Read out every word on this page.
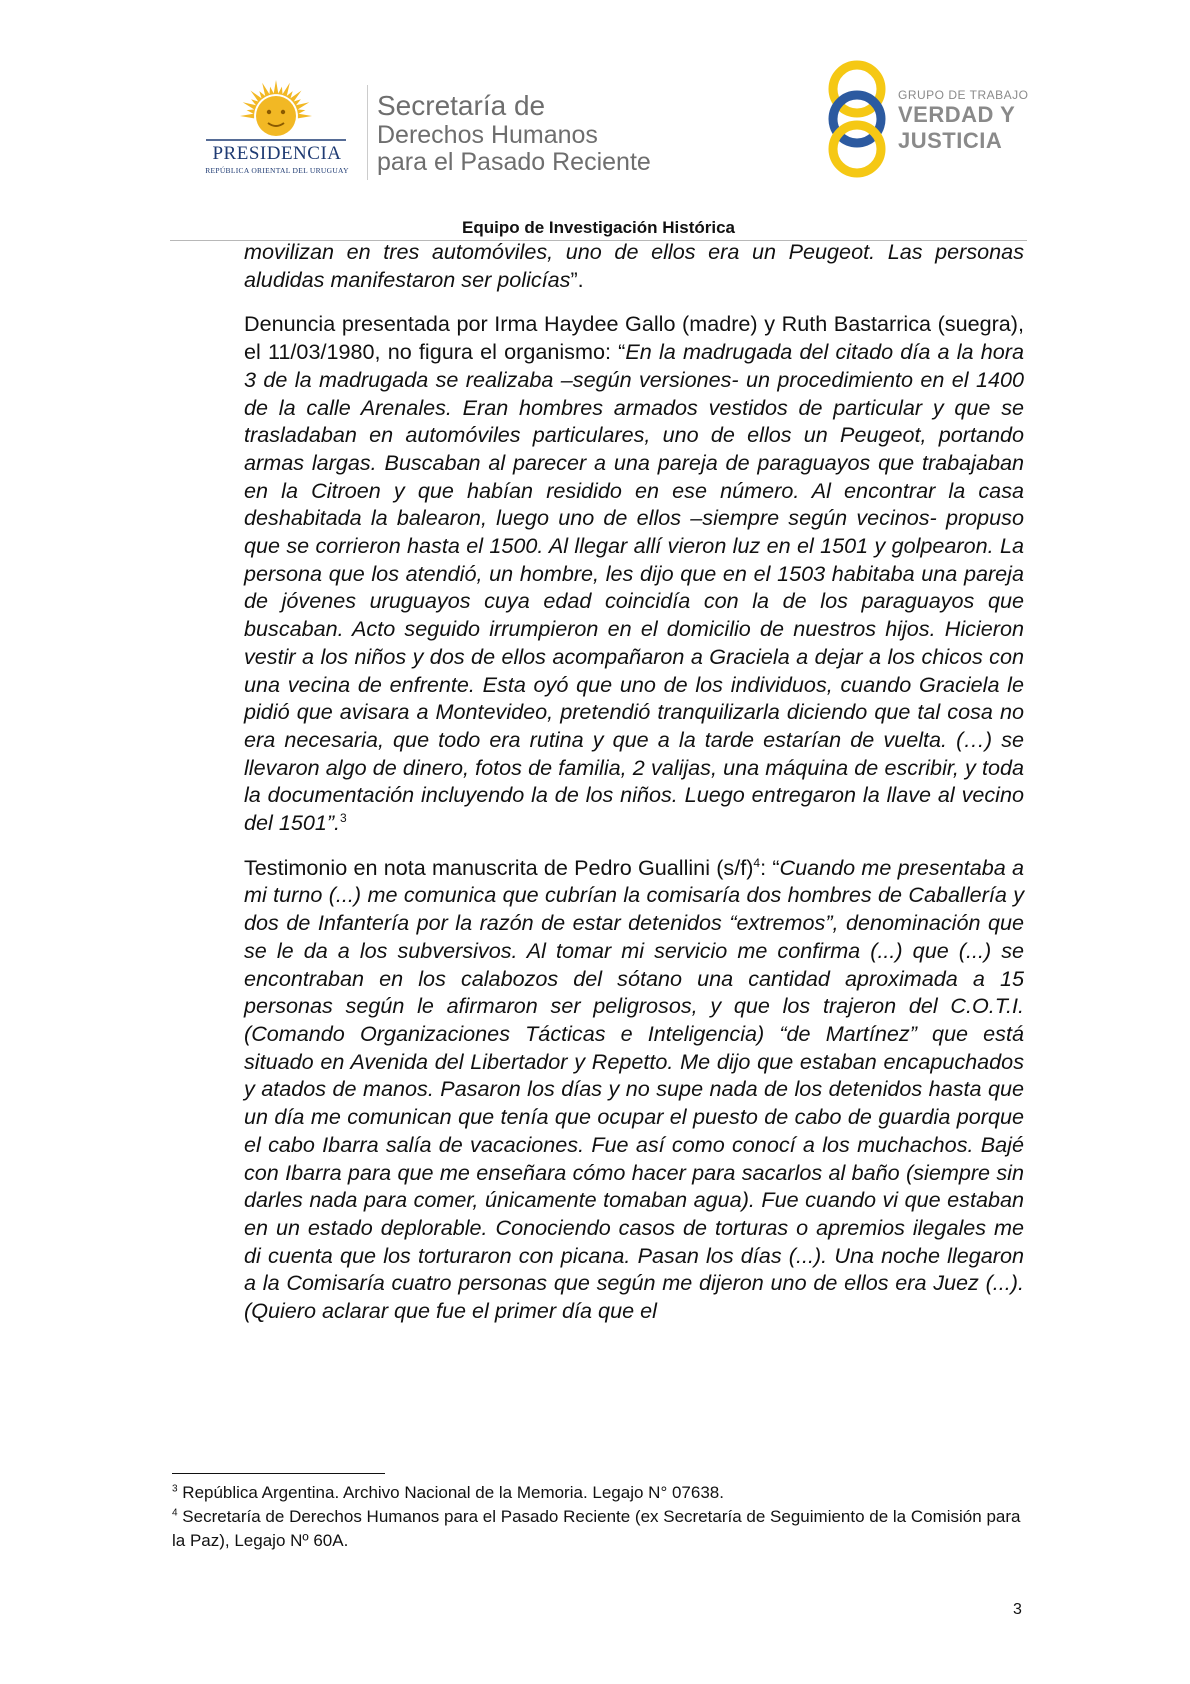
PRESIDENCIA
REPÚBLICA ORIENTAL DEL URUGUAY
Secretaría de
Derechos Humanos
para el Pasado Reciente
GRUPO DE TRABAJO
VERDAD Y
JUSTICIA
Equipo de Investigación Histórica

movilizan en tres automóviles, uno de ellos era un Peugeot. Las personas aludidas manifestaron ser policías”.

Denuncia presentada por Irma Haydee Gallo (madre) y Ruth Bastarrica (suegra), el 11/03/1980, no figura el organismo: “En la madrugada del citado día a la hora 3 de la madrugada se realizaba –según versiones- un procedimiento en el 1400 de la calle Arenales. Eran hombres armados vestidos de particular y que se trasladaban en automóviles particulares, uno de ellos un Peugeot, portando armas largas. Buscaban al parecer a una pareja de paraguayos que trabajaban en la Citroen y que habían residido en ese número. Al encontrar la casa deshabitada la balearon, luego uno de ellos –siempre según vecinos- propuso que se corrieron hasta el 1500. Al llegar allí vieron luz en el 1501 y golpearon. La persona que los atendió, un hombre, les dijo que en el 1503 habitaba una pareja de jóvenes uruguayos cuya edad coincidía con la de los paraguayos que buscaban. Acto seguido irrumpieron en el domicilio de nuestros hijos. Hicieron vestir a los niños y dos de ellos acompañaron a Graciela a dejar a los chicos con una vecina de enfrente. Esta oyó que uno de los individuos, cuando Graciela le pidió que avisara a Montevideo, pretendió tranquilizarla diciendo que tal cosa no era necesaria, que todo era rutina y que a la tarde estarían de vuelta. (…) se llevaron algo de dinero, fotos de familia, 2 valijas, una máquina de escribir, y toda la documentación incluyendo la de los niños. Luego entregaron la llave al vecino del 1501”.$^3$

Testimonio en nota manuscrita de Pedro Guallini $(s/f)^4$: “Cuando me presentaba a mi turno (...) me comunica que cubrían la comisaría dos hombres de Caballería y dos de Infantería por la razón de estar detenidos “extremos”, denominación que se le da a los subversivos. Al tomar mi servicio me confirma (...) que (...) se encontraban en los calabozos del sótano una cantidad aproximada a 15 personas según le afirmaron ser peligrosos, y que los trajeron del C.O.T.I. (Comando Organizaciones Tácticas e Inteligencia) “de Martínez” que está situado en Avenida del Libertador y Repetto. Me dijo que estaban encapuchados y atados de manos. Pasaron los días y no supe nada de los detenidos hasta que un día me comunican que tenía que ocupar el puesto de cabo de guardia porque el cabo Ibarra salía de vacaciones. Fue así como conocí a los muchachos. Bajé con Ibarra para que me enseñara cómo hacer para sacarlos al baño (siempre sin darles nada para comer, únicamente tomaban agua). Fue cuando vi que estaban en un estado deplorable. Conociendo casos de torturas o apremios ilegales me di cuenta que los torturaron con picana. Pasan los días (...). Una noche llegaron a la Comisaría cuatro personas que según me dijeron uno de ellos era Juez (...). (Quiero aclarar que fue el primer día que el

$^3$ República Argentina. Archivo Nacional de la Memoria. Legajo N° 07638.

$^4$ Secretaría de Derechos Humanos para el Pasado Reciente (ex Secretaría de Seguimiento de la Comisión para la Paz), Legajo Nº 60A.

3
